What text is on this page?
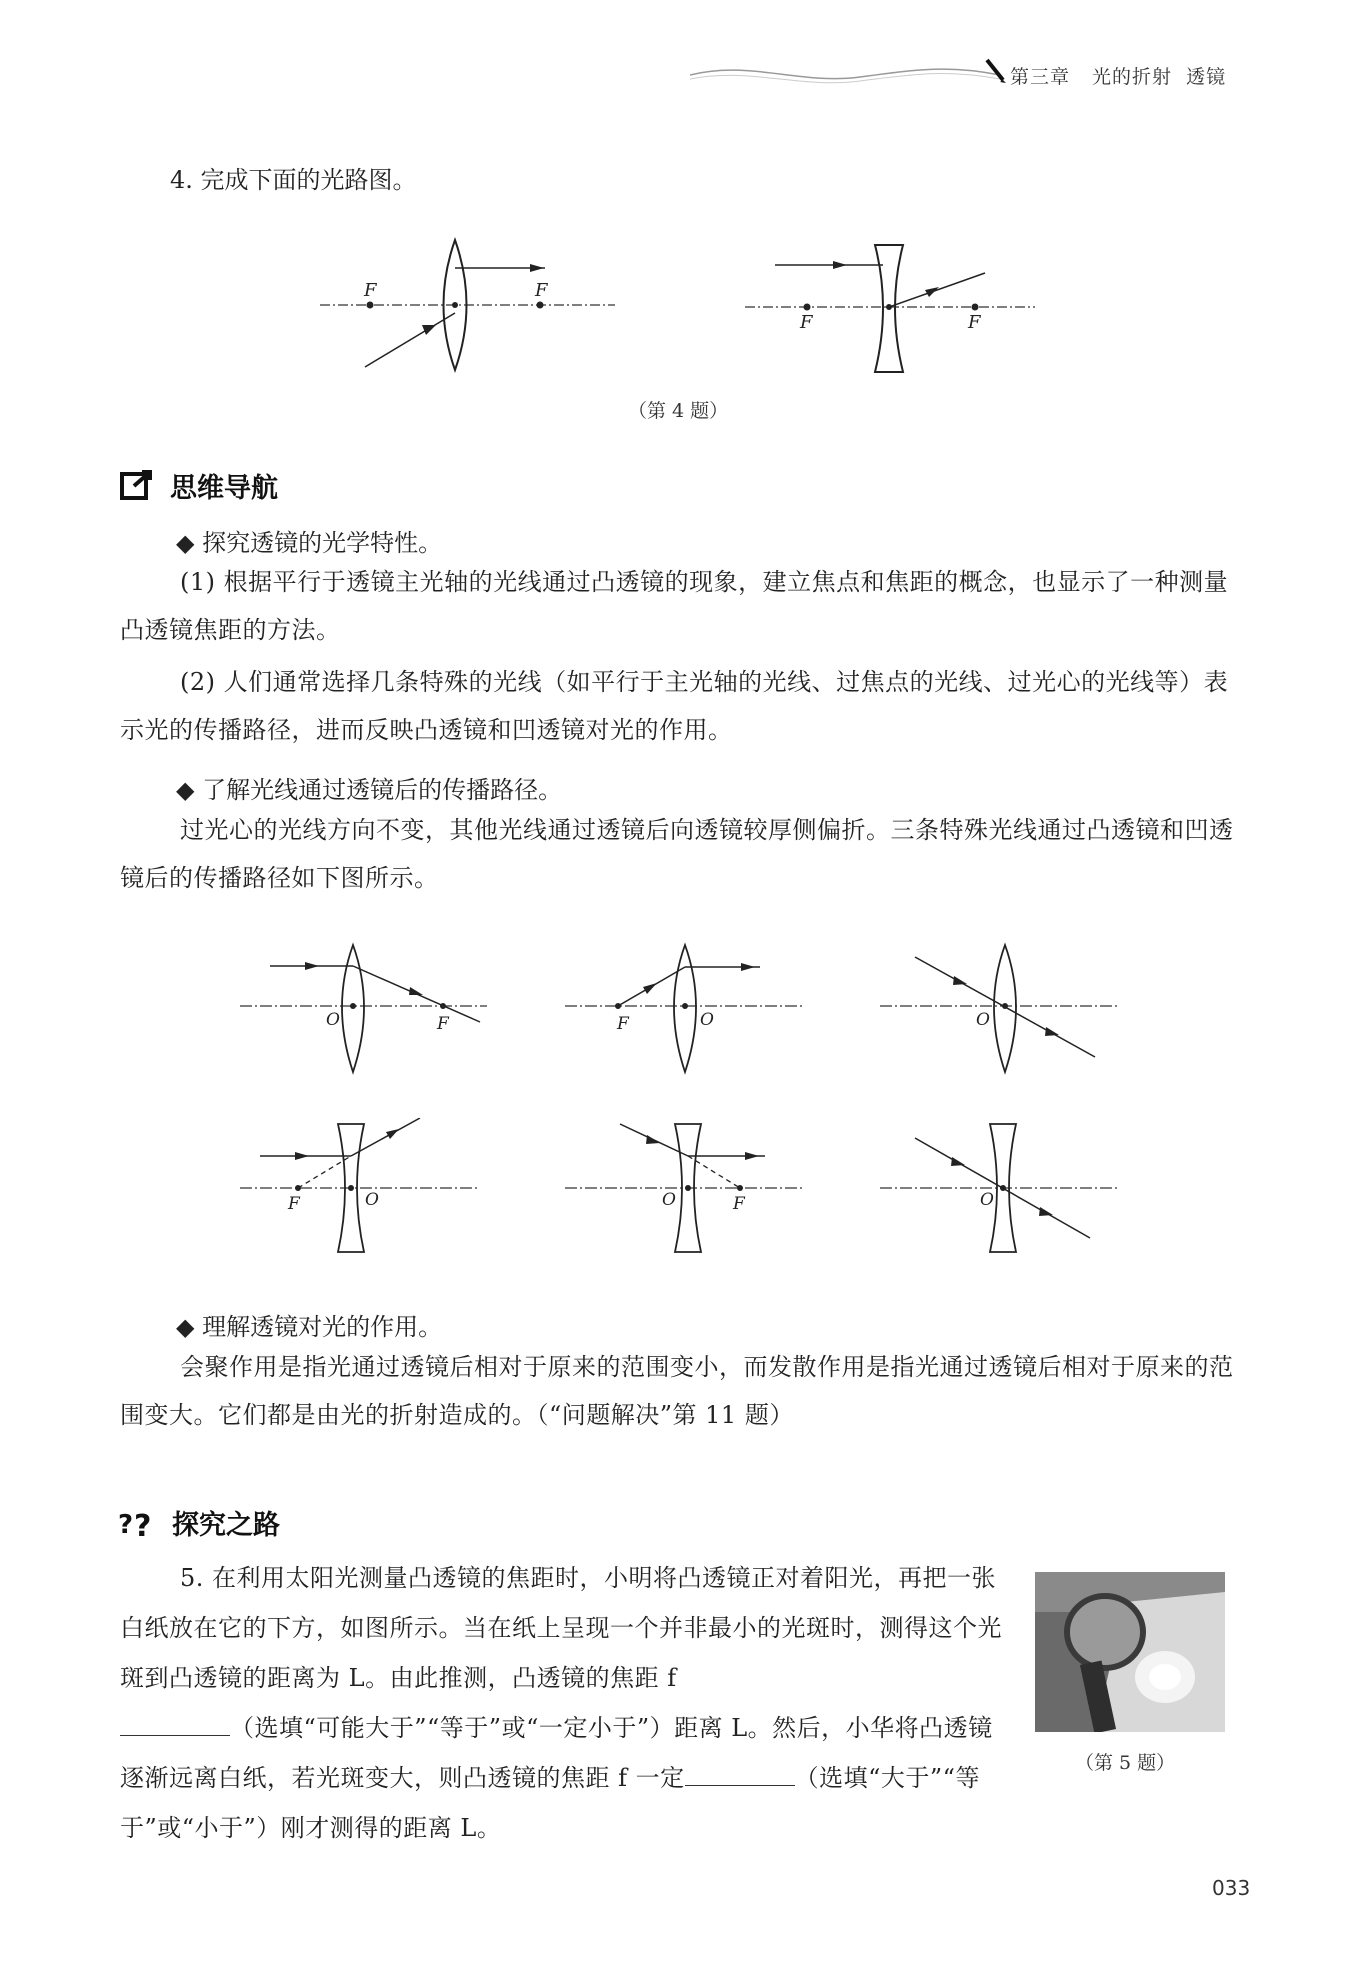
第三章 光的折射  透镜
4. 完成下面的光路图。
F	F
F	F
（第 4 题）
思维导航
◆ 探究透镜的光学特性。
(1) 根据平行于透镜主光轴的光线通过凸透镜的现象，建立焦点和焦距的概念，也显示了一种测量凸透镜焦距的方法。
(2) 人们通常选择几条特殊的光线（如平行于主光轴的光线、过焦点的光线、过光心的光线等）表示光的传播路径，进而反映凸透镜和凹透镜对光的作用。
◆ 了解光线通过透镜后的传播路径。
过光心的光线方向不变，其他光线通过透镜后向透镜较厚侧偏折。三条特殊光线通过凸透镜和凹透镜后的传播路径如下图所示。
O	F	F	O	O
F	O	O	F	O
◆ 理解透镜对光的作用。
会聚作用是指光通过透镜后相对于原来的范围变小，而发散作用是指光通过透镜后相对于原来的范围变大。它们都是由光的折射造成的。（“问题解决”第 11 题）
? ? 探究之路
5. 在利用太阳光测量凸透镜的焦距时，小明将凸透镜正对着阳光，再把一张白纸放在它的下方，如图所示。当在纸上呈现一个并非最小的光斑时，测得这个光斑到凸透镜的距离为 L。由此推测，凸透镜的焦距 f
（选填“可能大于”“等于”或“一定小于”）距离 L。然后，小华将凸透镜逐渐远离白纸，若光斑变大，则凸透镜的焦距 f 一定	（选填“大于”“等于”或“小于”）刚才测得的距离 L。
（第 5 题）
033
